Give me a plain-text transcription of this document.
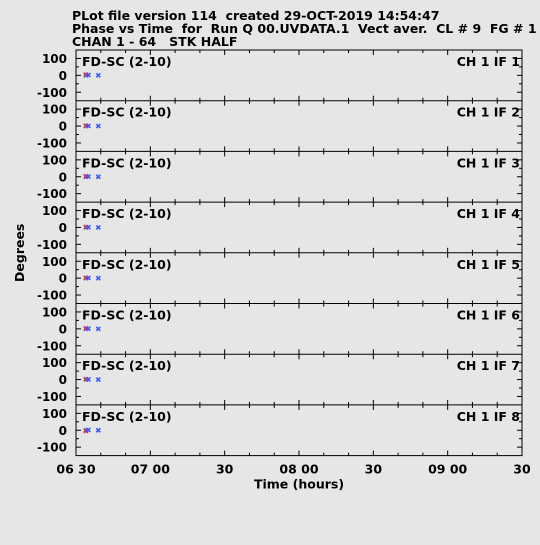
PLot file version 114  created 29-OCT-2019 14:54:47
Phase vs Time  for  Run Q 00.UVDATA.1  Vect aver.  CL # 9  FG # 1
CHAN 1 - 64   STK HALF
100
0
-100
FD-SC (2-10)	CH 1 IF 1
100
0
-100
FD-SC (2-10)	CH 1 IF 2
100
0
-100
FD-SC (2-10)	CH 1 IF 3
100
0
-100
FD-SC (2-10)	CH 1 IF 4
100
0
-100
FD-SC (2-10)	CH 1 IF 5
100
0
-100
FD-SC (2-10)	CH 1 IF 6
100
0
-100
FD-SC (2-10)	CH 1 IF 7
100
0
-100
FD-SC (2-10)	CH 1 IF 8
06 30	07 00	30	08 00	30	09 00	30
Time (hours)
Degrees
